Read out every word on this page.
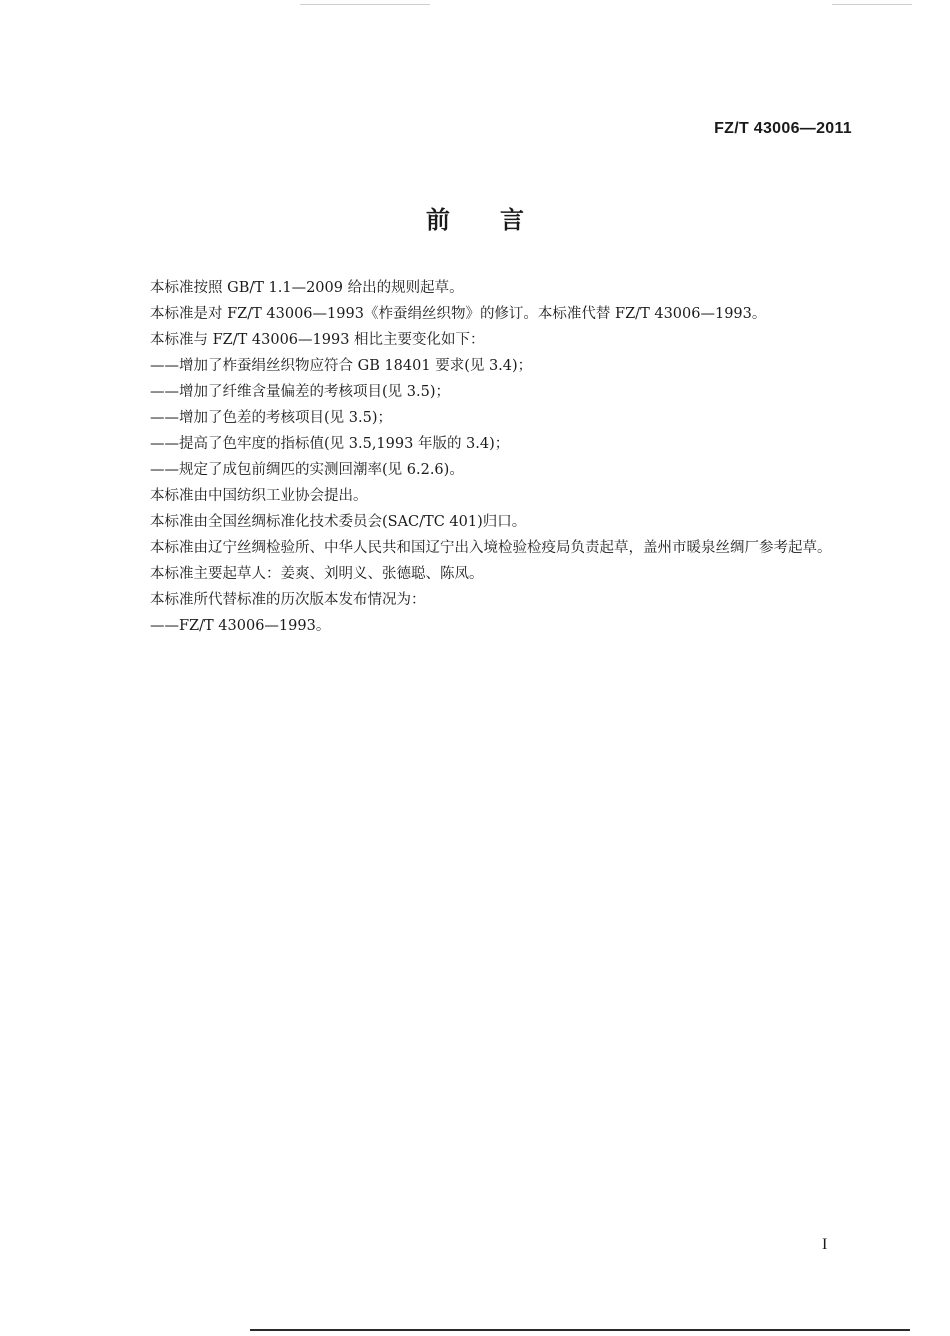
FZ/T 43006—2011
前言

本标准按照 GB/T 1.1—2009 给出的规则起草。

本标准是对 FZ/T 43006—1993《柞蚕绢丝织物》的修订。本标准代替 FZ/T 43006—1993。

本标准与 FZ/T 43006—1993 相比主要变化如下：

——增加了柞蚕绢丝织物应符合 GB 18401 要求(见 3.4)；

——增加了纤维含量偏差的考核项目(见 3.5)；

——增加了色差的考核项目(见 3.5)；

——提高了色牢度的指标值(见 3.5,1993 年版的 3.4)；

——规定了成包前绸匹的实测回潮率(见 6.2.6)。

本标准由中国纺织工业协会提出。

本标准由全国丝绸标准化技术委员会(SAC/TC 401)归口。

本标准由辽宁丝绸检验所、中华人民共和国辽宁出入境检验检疫局负责起草，盖州市暖泉丝绸厂参考起草。

本标准主要起草人：姜爽、刘明义、张德聪、陈凤。

本标准所代替标准的历次版本发布情况为：

——FZ/T 43006—1993。

I
